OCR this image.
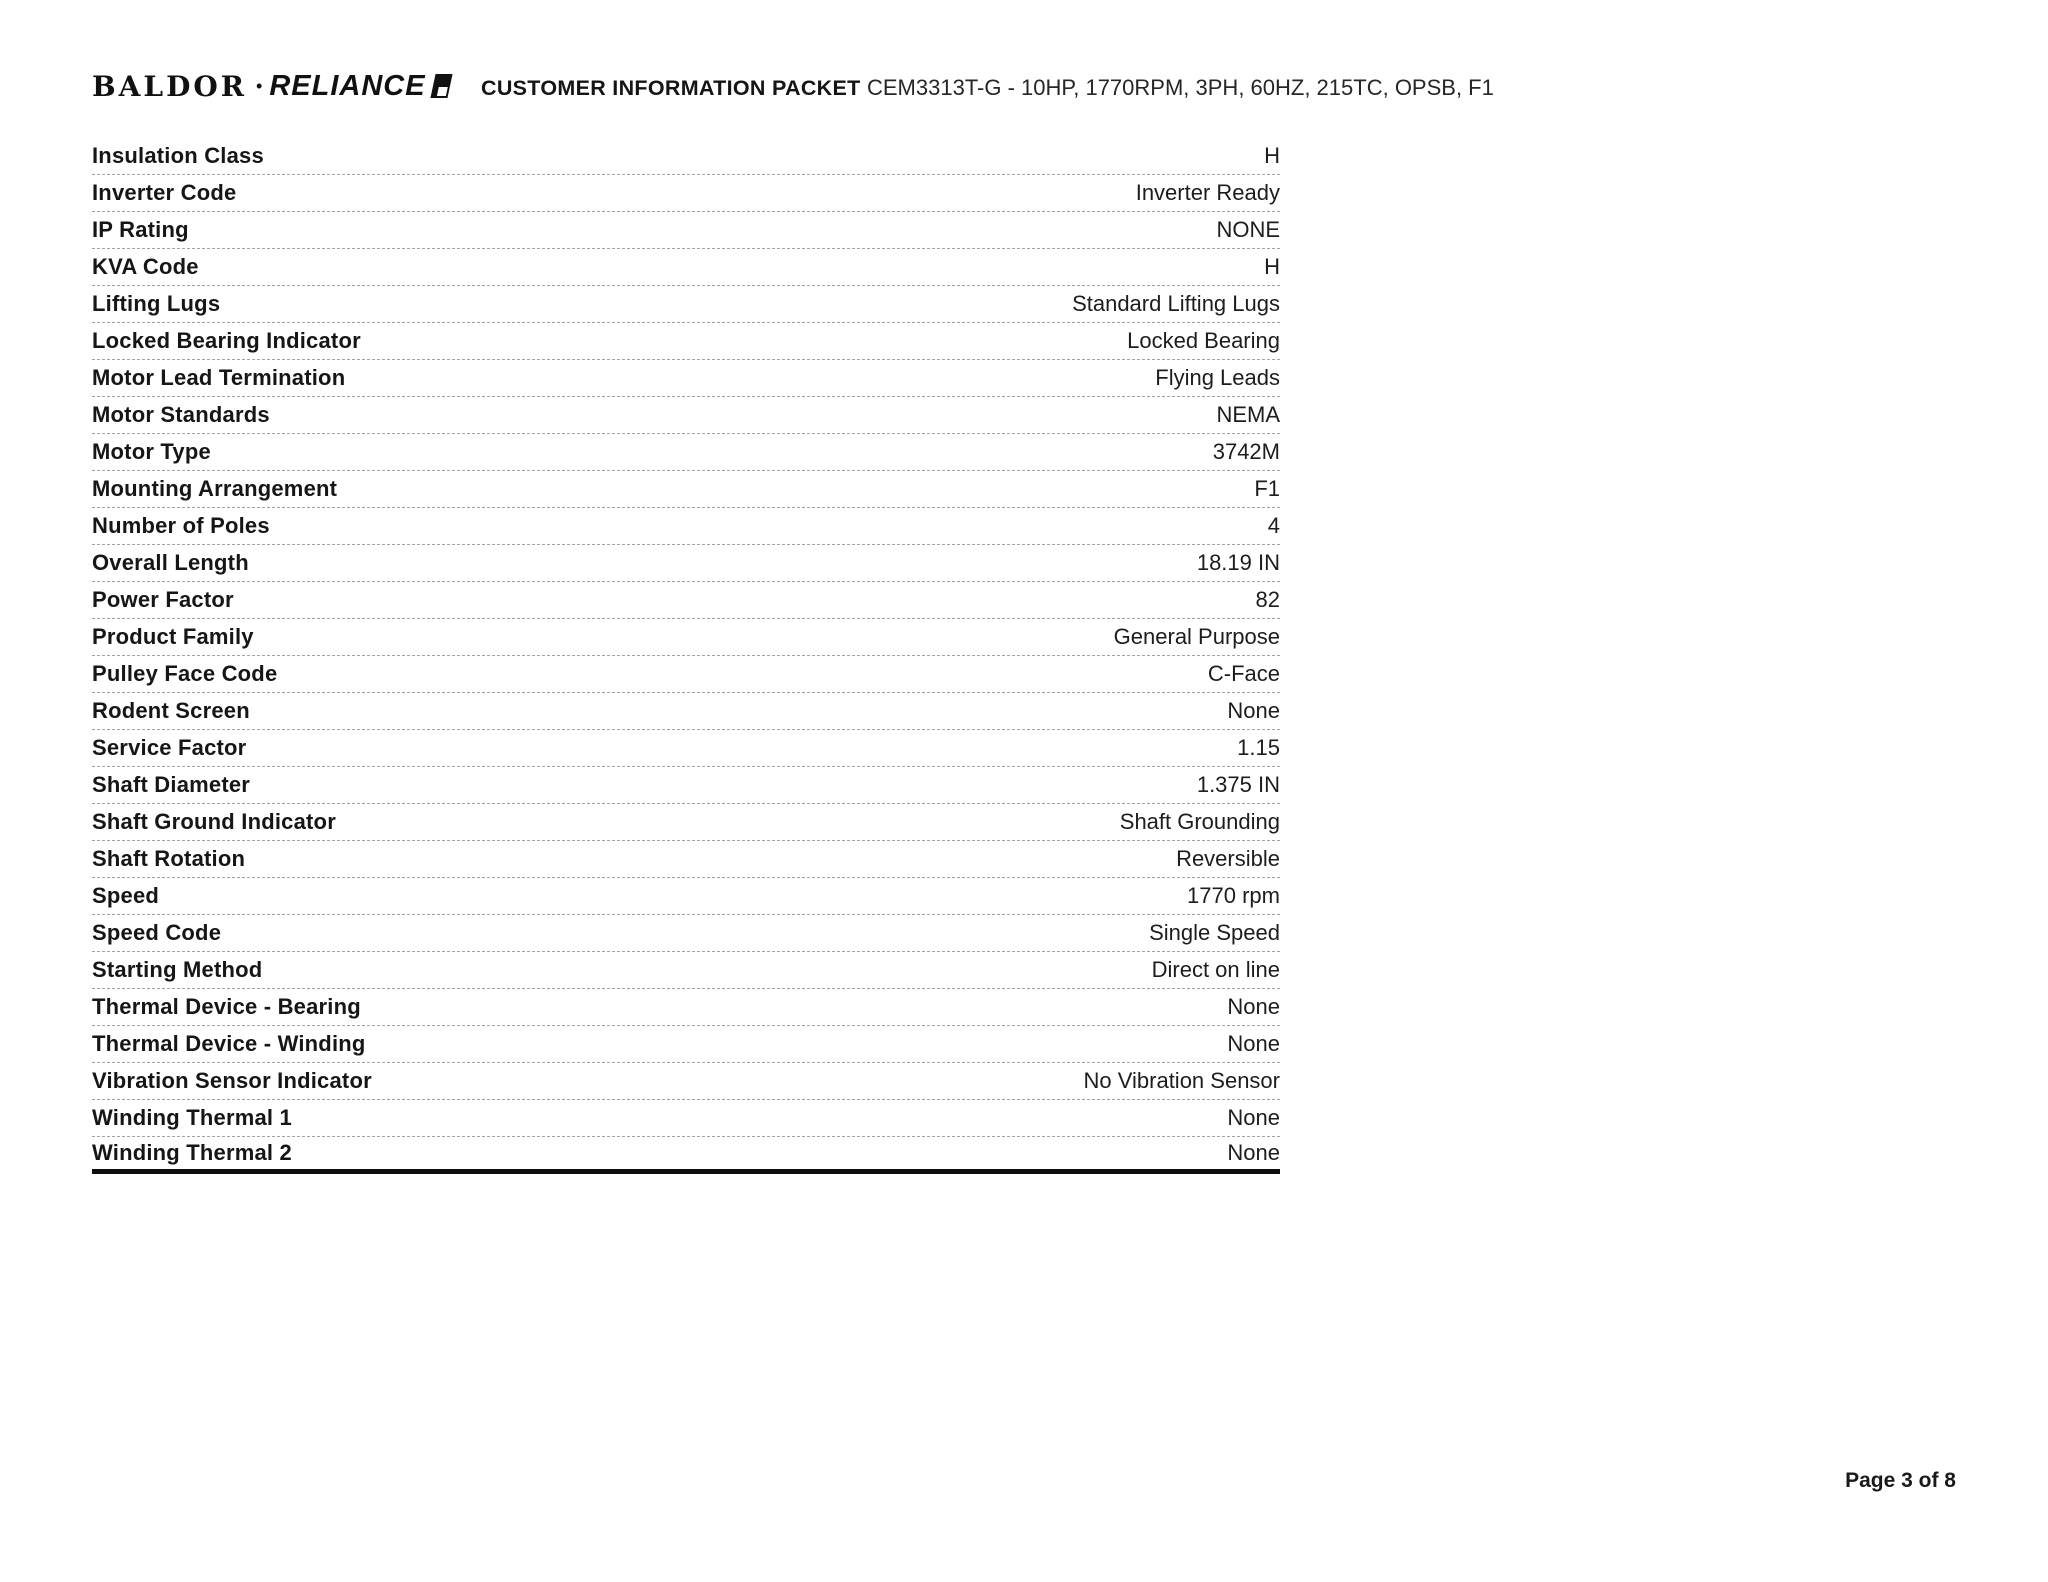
BALDOR • RELIANCE	CUSTOMER INFORMATION PACKET CEM3313T-G - 10HP, 1770RPM, 3PH, 60HZ, 215TC, OPSB, F1
Insulation Class	H
Inverter Code	Inverter Ready
IP Rating	NONE
KVA Code	H
Lifting Lugs	Standard Lifting Lugs
Locked Bearing Indicator	Locked Bearing
Motor Lead Termination	Flying Leads
Motor Standards	NEMA
Motor Type	3742M
Mounting Arrangement	F1
Number of Poles	4
Overall Length	18.19 IN
Power Factor	82
Product Family	General Purpose
Pulley Face Code	C-Face
Rodent Screen	None
Service Factor	1.15
Shaft Diameter	1.375 IN
Shaft Ground Indicator	Shaft Grounding
Shaft Rotation	Reversible
Speed	1770 rpm
Speed Code	Single Speed
Starting Method	Direct on line
Thermal Device - Bearing	None
Thermal Device - Winding	None
Vibration Sensor Indicator	No Vibration Sensor
Winding Thermal 1	None
Winding Thermal 2	None
Page 3 of 8
